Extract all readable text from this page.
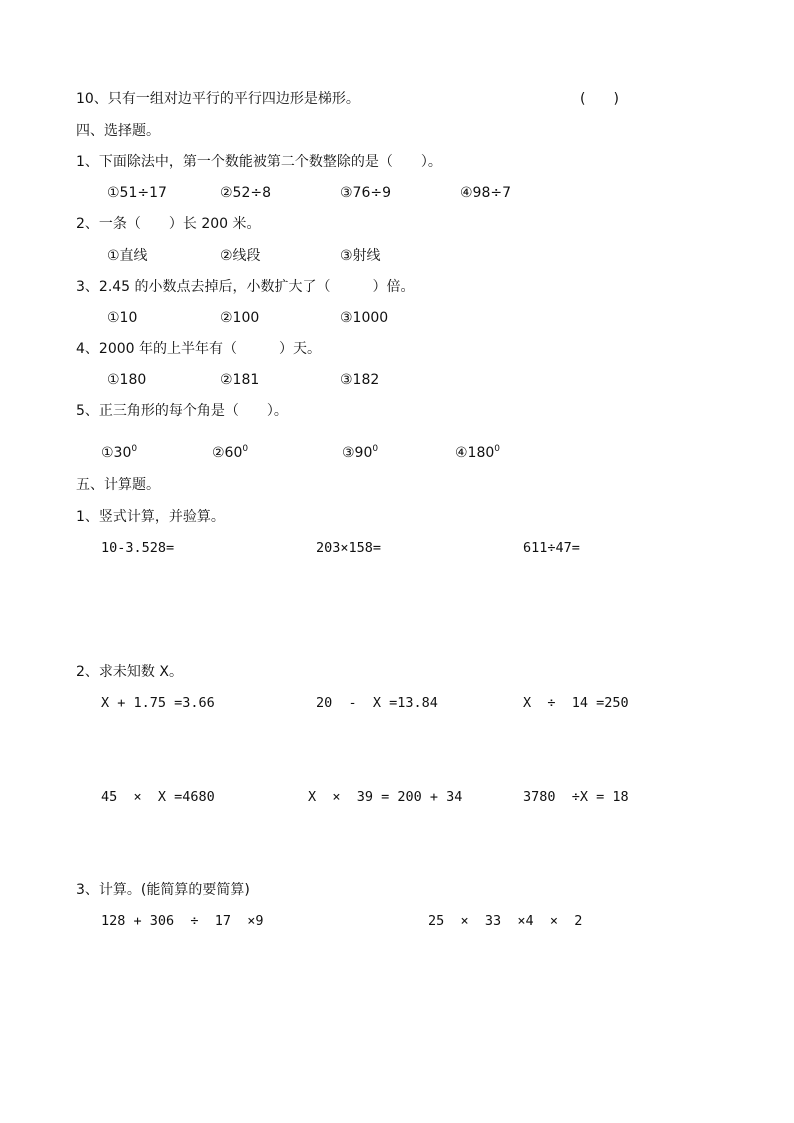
10、只有一组对边平行的平行四边形是梯形。	(　　)
四、选择题。
1、下面除法中，第一个数能被第二个数整除的是（　　）。
①51÷17	②52÷8	③76÷9	④98÷7
2、一条（　　）长 200 米。
①直线	②线段	③射线
3、2.45 的小数点去掉后，小数扩大了（　　　）倍。
①10	②100	③1000
4、2000 年的上半年有（　　　）天。
①180	②181	③182
5、正三角形的每个角是（　　）。
$①30^0$	$②60^0$	$③90^0$	$④180^0$
五、计算题。
1、竖式计算，并验算。
10-3.528=	203×158=	611÷47=
2、求未知数 X。
X + 1.75 =3.66	20  -  X =13.84	X  ÷  14 =250
45  ×  X =4680	X  ×  39 = 200 + 34	3780  ÷X = 18
3、计算。(能简算的要简算)
128 + 306  ÷  17  ×9	25  ×  33  ×4  ×  2
